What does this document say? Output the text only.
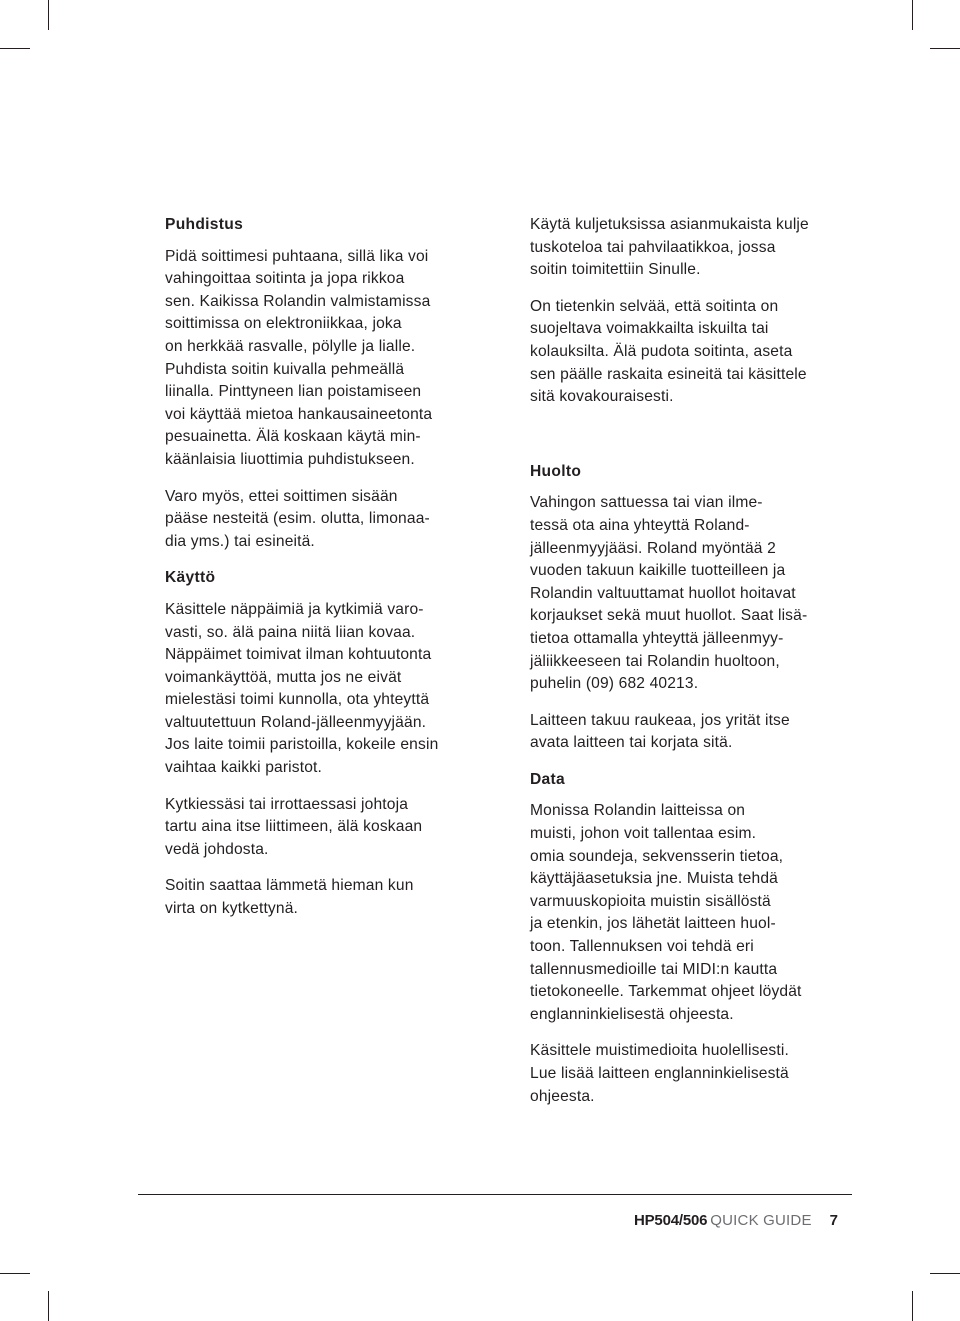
Puhdistus
Pidä soittimesi puhtaana, sillä lika voi
vahingoittaa soitinta ja jopa rikkoa
sen. Kaikissa Rolandin valmistamissa
soittimissa on elektroniikkaa, joka
on herkkää rasvalle, pölylle ja lialle.
Puhdista soitin kuivalla pehmeällä
liinalla. Pinttyneen lian poistamiseen
voi käyttää mietoa hankausaineetonta
pesuainetta. Älä koskaan käytä min-
käänlaisia liuottimia puhdistukseen.
Varo myös, ettei soittimen sisään
pääse nesteitä (esim. olutta, limonaa-
dia yms.) tai esineitä.
Käyttö
Käsittele näppäimiä ja kytkimiä varo-
vasti, so. älä paina niitä liian kovaa.
Näppäimet toimivat ilman kohtuutonta
voimankäyttöä, mutta jos ne eivät
mielestäsi toimi kunnolla, ota yhteyttä
valtuutettuun Roland-jälleenmyyjään.
Jos laite toimii paristoilla, kokeile ensin
vaihtaa kaikki paristot.
Kytkiessäsi tai irrottaessasi johtoja
tartu aina itse liittimeen, älä koskaan
vedä johdosta.
Soitin saattaa lämmetä hieman kun
virta on kytkettynä.
Käytä kuljetuksissa asianmukaista kulje
tuskoteloa tai pahvilaatikkoa, jossa
soitin toimitettiin Sinulle.
On tietenkin selvää, että soitinta on
suojeltava voimakkailta iskuilta tai
kolauksilta. Älä pudota soitinta, aseta
sen päälle raskaita esineitä tai käsittele
sitä kovakouraisesti.
Huolto
Vahingon sattuessa tai vian ilme-
tessä ota aina yhteyttä Roland-
jälleenmyyjääsi. Roland myöntää 2
vuoden takuun kaikille tuotteilleen ja
Rolandin valtuuttamat huollot hoitavat
korjaukset sekä muut huollot. Saat lisä-
tietoa ottamalla yhteyttä jälleenmyy-
jäliikkeeseen tai Rolandin huoltoon,
puhelin (09) 682 40213.
Laitteen takuu raukeaa, jos yrität itse
avata laitteen tai korjata sitä.
Data
Monissa Rolandin laitteissa on
muisti, johon voit tallentaa esim.
omia soundeja, sekvensserin tietoa,
käyttäjäasetuksia jne. Muista tehdä
varmuuskopioita muistin sisällöstä
ja etenkin, jos lähetät laitteen huol-
toon. Tallennuksen voi tehdä eri
tallennusmedioille tai MIDI:n kautta
tietokoneelle. Tarkemmat ohjeet löydät
englanninkielisestä ohjeesta.
Käsittele muistimedioita huolellisesti.
Lue lisää laitteen englanninkielisestä
ohjeesta.
HP504/506 QUICK GUIDE 7
